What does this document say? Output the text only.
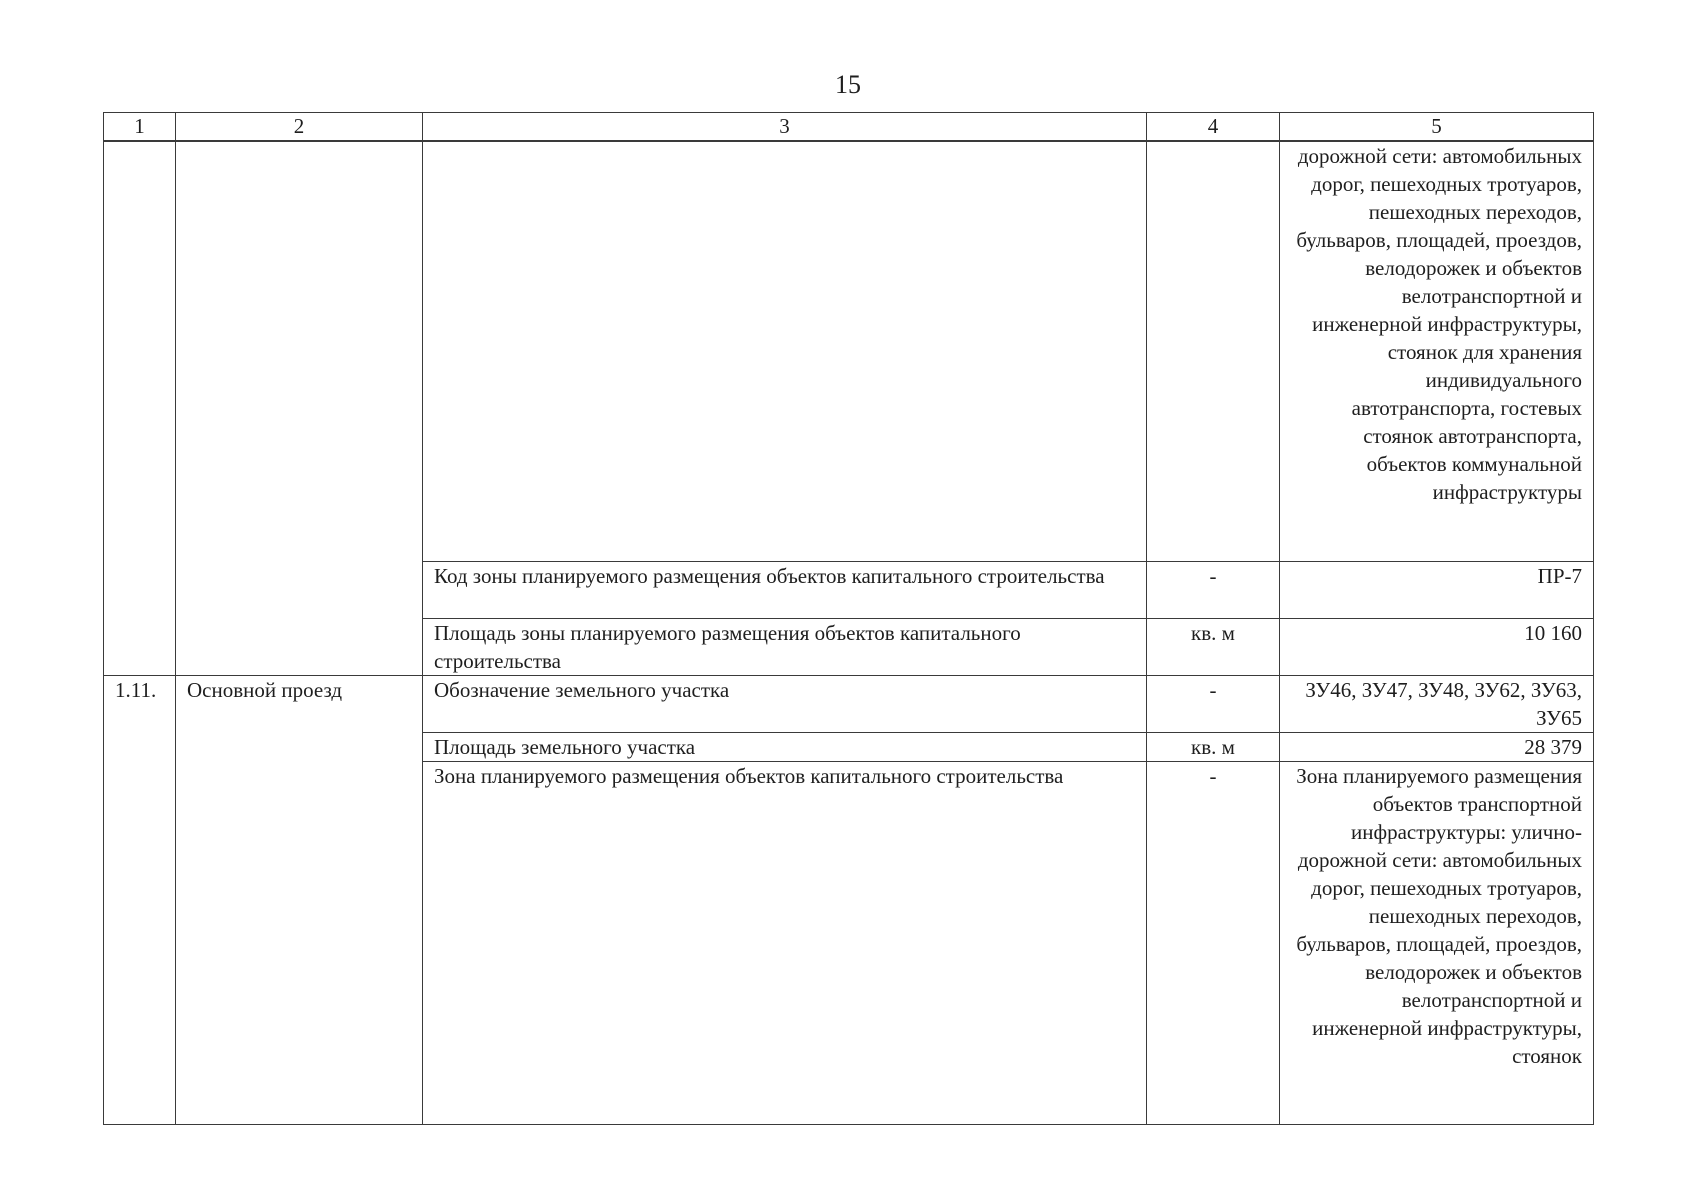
15
1	2	3	4	5
				дорожной сети: автомобильных дорог, пешеходных тротуаров, пешеходных переходов, бульваров, площадей, проездов, велодорожек и объектов велотранспортной и инженерной инфраструктуры, стоянок для хранения индивидуального автотранспорта, гостевых стоянок автотранспорта, объектов коммунальной инфраструктуры
		Код зоны планируемого размещения объектов капитального строительства	-	ПР-7
		Площадь зоны планируемого размещения объектов капитального строительства	кв. м	10 160
1.11.	Основной проезд	Обозначение земельного участка	-	ЗУ46, ЗУ47, ЗУ48, ЗУ62, ЗУ63, ЗУ65
		Площадь земельного участка	кв. м	28 379
		Зона планируемого размещения объектов капитального строительства	-	Зона планируемого размещения объектов транспортной инфраструктуры: улично-дорожной сети: автомобильных дорог, пешеходных тротуаров, пешеходных переходов, бульваров, площадей, проездов, велодорожек и объектов велотранспортной и инженерной инфраструктуры, стоянок
